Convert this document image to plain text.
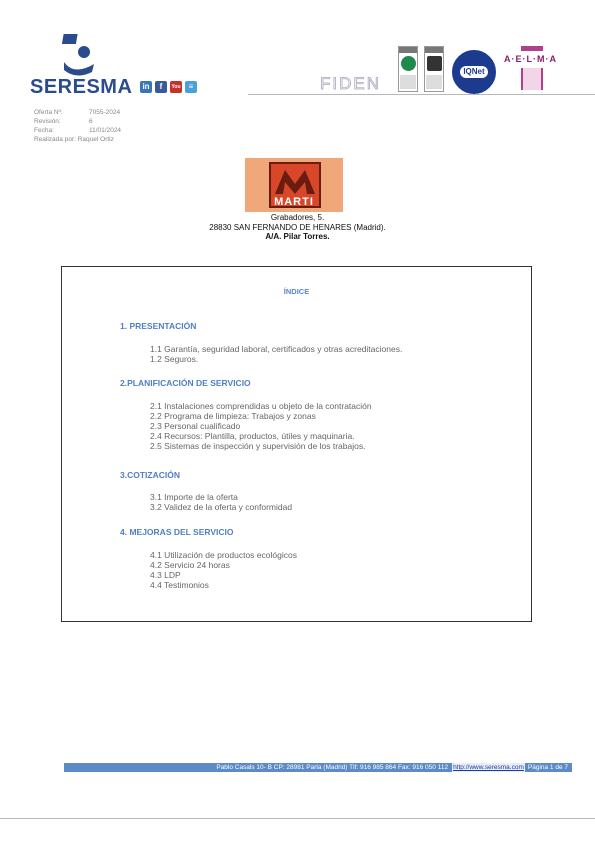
SERESMA	in	f	You Tube
≡	FIDEN
IQNet
A·E·L·M·A
Oferta Nº:	7055-2024
Revisión:	6
Fecha:	11/01/2024
Realizada por:
Raquel Ortiz
MARTI
Grabadores, 5.
28830 SAN FERNANDO DE HENARES (Madrid).
A/A. Pilar Torres.
ÍNDICE
1. PRESENTACIÓN
1.1 Garantía, seguridad laboral, certificados y otras acreditaciones.
1.2 Seguros.
2.PLANIFICACIÓN DE SERVICIO
2.1 Instalaciones comprendidas u objeto de la contratación
2.2 Programa de limpieza: Trabajos y zonas
2.3 Personal cualificado
2.4 Recursos: Plantilla, productos, útiles y maquinaria.
2.5 Sistemas de inspección y supervisión de los trabajos.
3.COTIZACIÓN
3.1 Importe de la oferta
3.2 Validez de la oferta y conformidad
4. MEJORAS DEL SERVICIO
4.1 Utilización de productos ecológicos
4.2 Servicio 24 horas
4.3 LDP
4.4 Testimonios
Pablo Casals 10- B CP: 28981 Parla (Madrid) Tlf: 916 985 864 Fax: 916 050 112 http://www.seresma.com Página 1 de 7
